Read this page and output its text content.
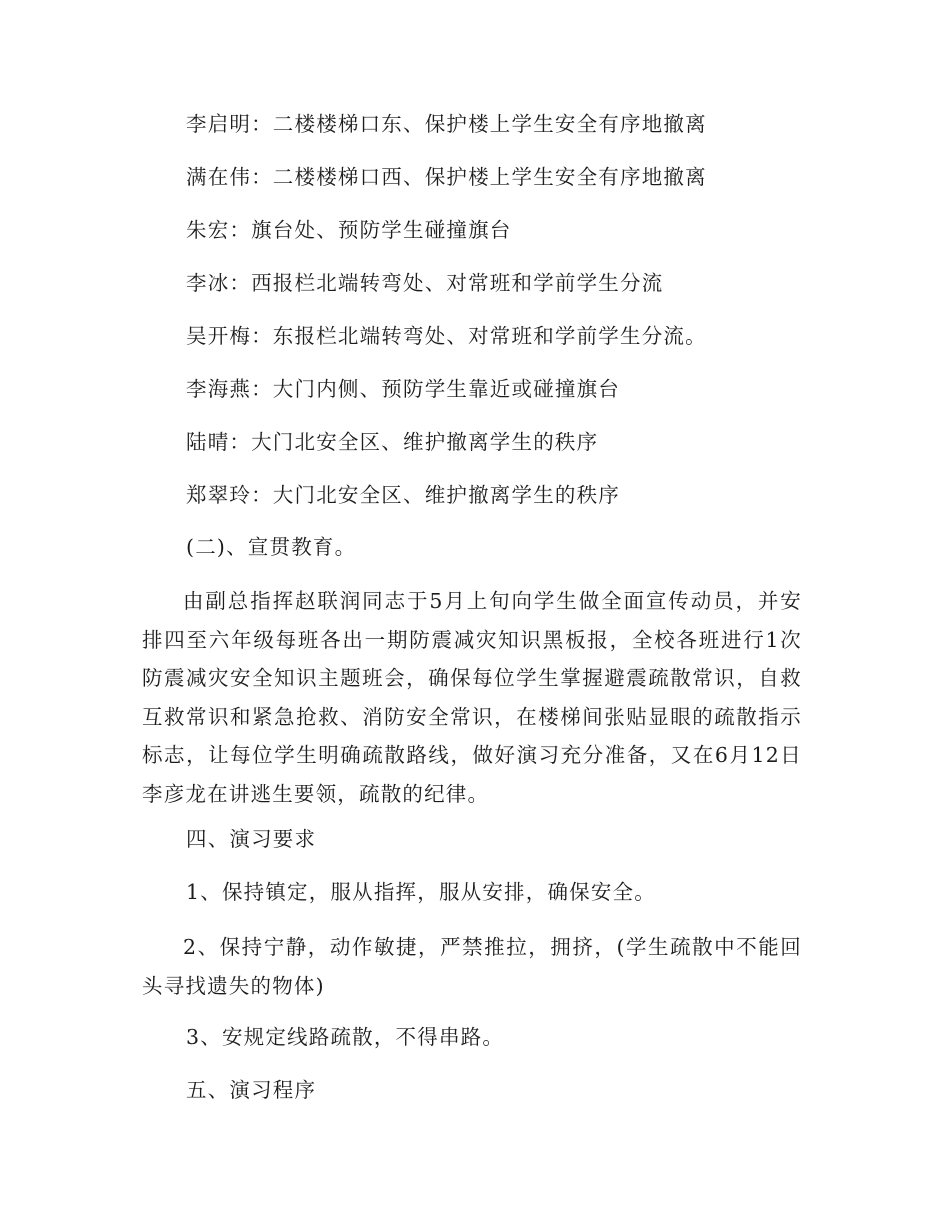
李启明：二楼楼梯口东、保护楼上学生安全有序地撤离
满在伟：二楼楼梯口西、保护楼上学生安全有序地撤离
朱宏：旗台处、预防学生碰撞旗台
李冰：西报栏北端转弯处、对常班和学前学生分流
吴开梅：东报栏北端转弯处、对常班和学前学生分流。
李海燕：大门内侧、预防学生靠近或碰撞旗台
陆晴：大门北安全区、维护撤离学生的秩序
郑翠玲：大门北安全区、维护撤离学生的秩序
(二)、宣贯教育。
由副总指挥赵联润同志于5月上旬向学生做全面宣传动员，并安排四至六年级每班各出一期防震减灾知识黑板报，全校各班进行1次防震减灾安全知识主题班会，确保每位学生掌握避震疏散常识，自救互救常识和紧急抢救、消防安全常识，在楼梯间张贴显眼的疏散指示标志，让每位学生明确疏散路线，做好演习充分准备，又在6月12日李彦龙在讲逃生要领，疏散的纪律。
四、演习要求
1、保持镇定，服从指挥，服从安排，确保安全。
2、保持宁静，动作敏捷，严禁推拉，拥挤，(学生疏散中不能回头寻找遗失的物体)
3、安规定线路疏散，不得串路。
五、演习程序
